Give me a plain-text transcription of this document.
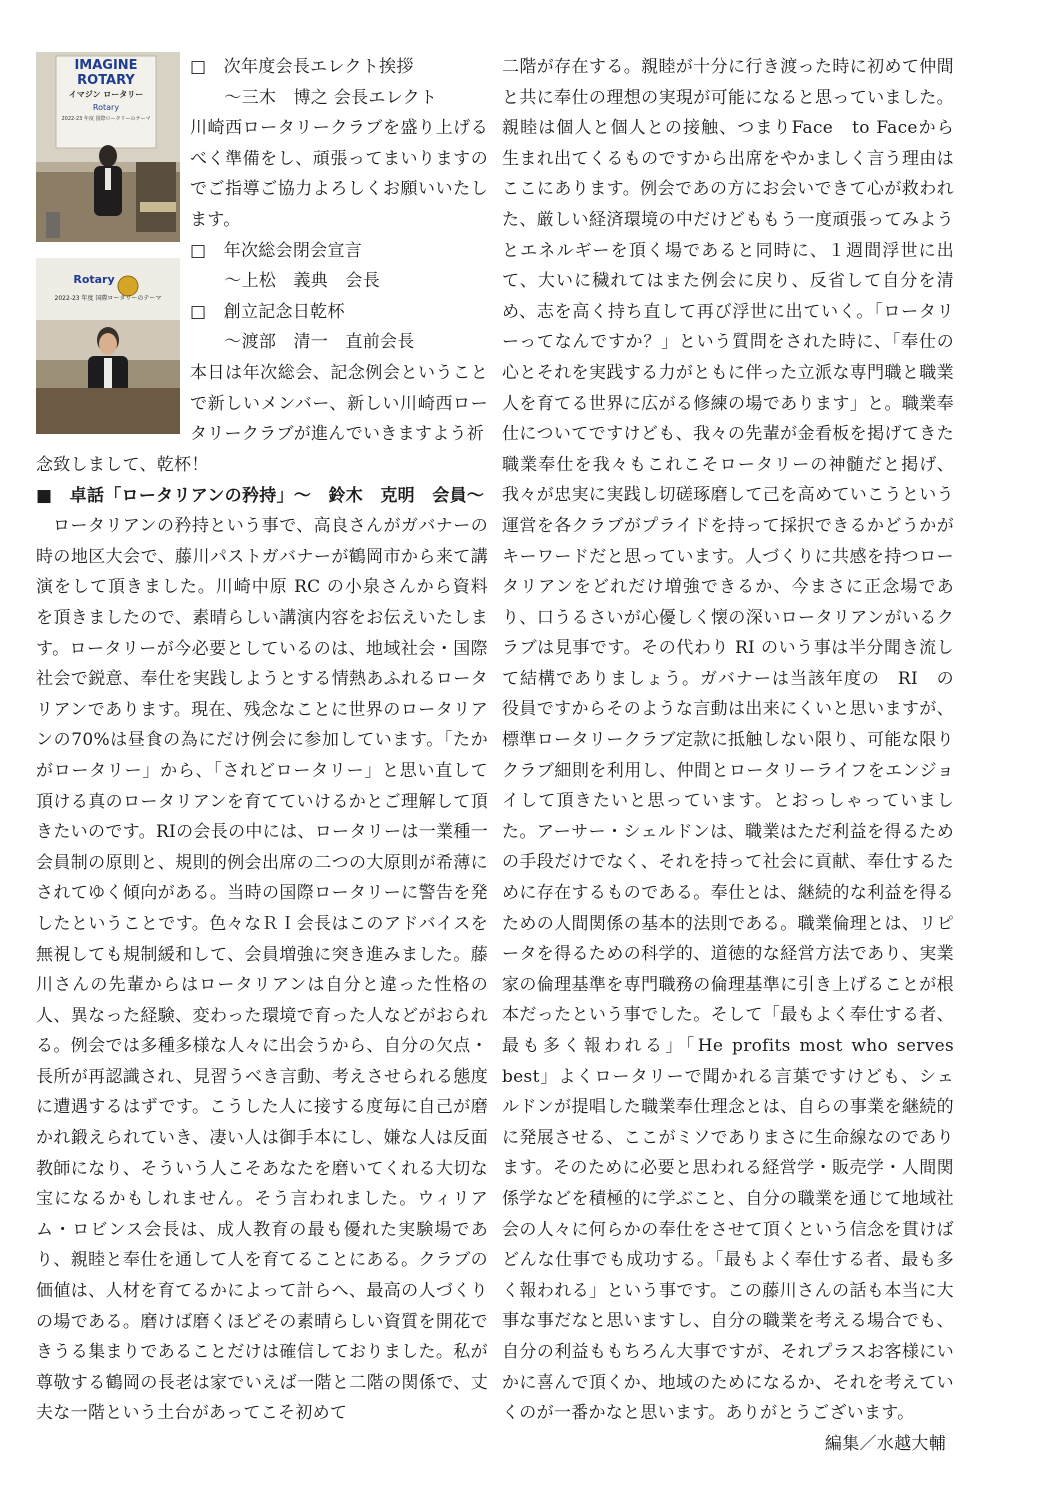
IMAGINE
ROTARY
イマジン ロータリー
Rotary
2022-23 年度 国際ロータリーのテーマ
Rotary
2022-23 年度 国際ロータリーのテーマ

□　次年度会長エレクト挨拶

　～三木　博之 会長エレクト

川崎西ロータリークラブを盛り上げるべく準備をし、頑張ってまいりますのでご指導ご協力よろしくお願いいたします。

□　年次総会閉会宣言

　～上松　義典　会長

□　創立記念日乾杯

　～渡部　清一　直前会長

本日は年次総会、記念例会ということで新しいメンバー、新しい川崎西ロータリークラブが進んでいきますよう祈

念致しまして、乾杯！

■　卓話「ロータリアンの矜持」～　鈴木　克明　会員～

ロータリアンの矜持という事で、高良さんがガバナーの時の地区大会で、藤川パストガバナーが鶴岡市から来て講演をして頂きました。川崎中原 RC の小泉さんから資料を頂きましたので、素晴らしい講演内容をお伝えいたします。ロータリーが今必要としているのは、地域社会・国際社会で鋭意、奉仕を実践しようとする情熱あふれるロータリアンであります。現在、残念なことに世界のロータリアンの70%は昼食の為にだけ例会に参加しています。「たかがロータリー」から、「されどロータリー」と思い直して頂ける真のロータリアンを育てていけるかとご理解して頂きたいのです。RIの会長の中には、ロータリーは一業種一会員制の原則と、規則的例会出席の二つの大原則が希薄にされてゆく傾向がある。当時の国際ロータリーに警告を発したということです。色々なＲＩ会長はこのアドバイスを無視しても規制緩和して、会員増強に突き進みました。藤川さんの先輩からはロータリアンは自分と違った性格の人、異なった経験、変わった環境で育った人などがおられる。例会では多種多様な人々に出会うから、自分の欠点・長所が再認識され、見習うべき言動、考えさせられる態度に遭遇するはずです。こうした人に接する度毎に自己が磨かれ鍛えられていき、凄い人は御手本にし、嫌な人は反面教師になり、そういう人こそあなたを磨いてくれる大切な宝になるかもしれません。そう言われました。ウィリアム・ロビンス会長は、成人教育の最も優れた実験場であり、親睦と奉仕を通して人を育てることにある。クラブの価値は、人材を育てるかによって計らへ、最高の人づくりの場である。磨けば磨くほどその素晴らしい資質を開花できうる集まりであることだけは確信しておりました。私が尊敬する鶴岡の長老は家でいえば一階と二階の関係で、丈夫な一階という土台があってこそ初めて

二階が存在する。親睦が十分に行き渡った時に初めて仲間と共に奉仕の理想の実現が可能になると思っていました。親睦は個人と個人との接触、つまりFace　to Faceから生まれ出てくるものですから出席をやかましく言う理由はここにあります。例会であの方にお会いできて心が救われた、厳しい経済環境の中だけどももう一度頑張ってみようとエネルギーを頂く場であると同時に、１週間浮世に出て、大いに穢れてはまた例会に戻り、反省して自分を清め、志を高く持ち直して再び浮世に出ていく。「ロータリーってなんですか？」という質問をされた時に、「奉仕の心とそれを実践する力がともに伴った立派な専門職と職業人を育てる世界に広がる修練の場であります」と。職業奉仕についてですけども、我々の先輩が金看板を掲げてきた職業奉仕を我々もこれこそロータリーの神髄だと掲げ、我々が忠実に実践し切磋琢磨して己を高めていこうという運営を各クラブがプライドを持って採択できるかどうかがキーワードだと思っています。人づくりに共感を持つロータリアンをどれだけ増強できるか、今まさに正念場であり、口うるさいが心優しく懐の深いロータリアンがいるクラブは見事です。その代わり RI のいう事は半分聞き流して結構でありましょう。ガバナーは当該年度の　RI　の役員ですからそのような言動は出来にくいと思いますが、標準ロータリークラブ定款に抵触しない限り、可能な限りクラブ細則を利用し、仲間とロータリーライフをエンジョイして頂きたいと思っています。とおっしゃっていました。アーサー・シェルドンは、職業はただ利益を得るための手段だけでなく、それを持って社会に貢献、奉仕するために存在するものである。奉仕とは、継続的な利益を得るための人間関係の基本的法則である。職業倫理とは、リピータを得るための科学的、道徳的な経営方法であり、実業家の倫理基準を専門職務の倫理基準に引き上げることが根本だったという事でした。そして「最もよく奉仕する者、最も多く報われる」「He profits most who serves best」よくロータリーで聞かれる言葉ですけども、シェルドンが提唱した職業奉仕理念とは、自らの事業を継続的に発展させる、ここがミソでありまさに生命線なのであります。そのために必要と思われる経営学・販売学・人間関係学などを積極的に学ぶこと、自分の職業を通じて地域社会の人々に何らかの奉仕をさせて頂くという信念を貫けばどんな仕事でも成功する。「最もよく奉仕する者、最も多く報われる」という事です。この藤川さんの話も本当に大事な事だなと思いますし、自分の職業を考える場合でも、自分の利益ももちろん大事ですが、それプラスお客様にいかに喜んで頂くか、地域のためになるか、それを考えていくのが一番かなと思います。ありがとうございます。

編集／水越大輔
